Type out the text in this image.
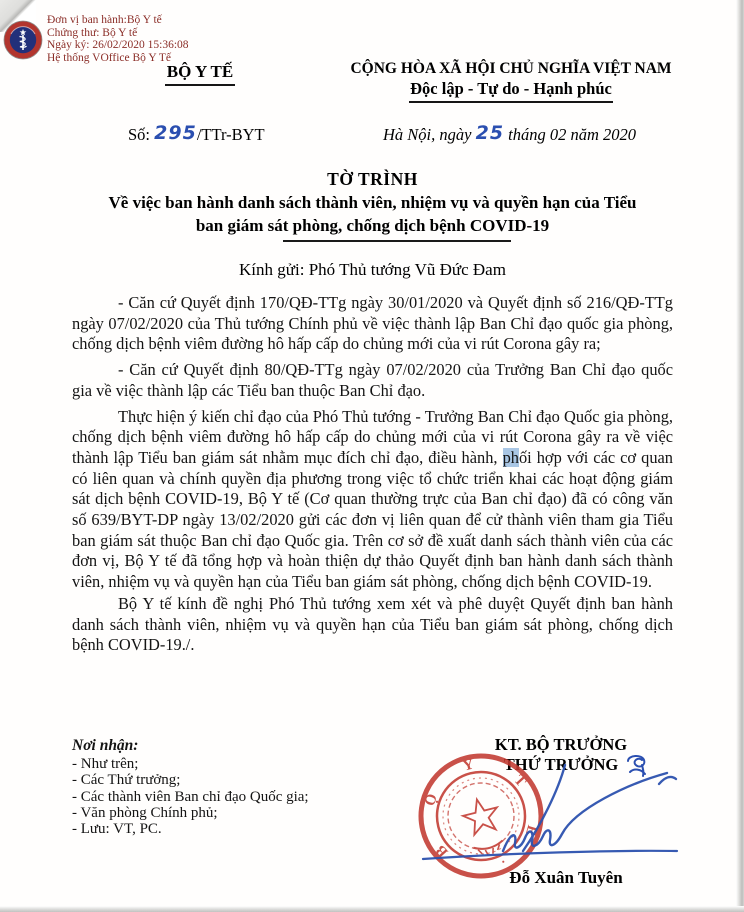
Đơn vị ban hành:Bộ Y tế
Chứng thư: Bộ Y tế
Ngày ký: 26/02/2020 15:36:08
Hệ thống VOffice Bộ Y Tế
BỘ Y TẾ	CỘNG HÒA XÃ HỘI CHỦ NGHĨA VIỆT NAM
Độc lập - Tự do - Hạnh phúc
Số: 295/TTr-BYT	Hà Nội, ngày 25 tháng 02 năm 2020
TỜ TRÌNH
Về việc ban hành danh sách thành viên, nhiệm vụ và quyền hạn của Tiểu
ban giám sát phòng, chống dịch bệnh COVID-19
Kính gửi: Phó Thủ tướng Vũ Đức Đam

- Căn cứ Quyết định 170/QĐ-TTg ngày 30/01/2020 và Quyết định số 216/QĐ-TTg ngày 07/02/2020 của Thủ tướng Chính phủ về việc thành lập Ban Chỉ đạo quốc gia phòng, chống dịch bệnh viêm đường hô hấp cấp do chủng mới của vi rút Corona gây ra;

- Căn cứ Quyết định 80/QĐ-TTg ngày 07/02/2020 của Trưởng Ban Chỉ đạo quốc gia về việc thành lập các Tiểu ban thuộc Ban Chỉ đạo.

Thực hiện ý kiến chỉ đạo của Phó Thủ tướng - Trưởng Ban Chỉ đạo Quốc gia phòng, chống dịch bệnh viêm đường hô hấp cấp do chủng mới của vi rút Corona gây ra về việc thành lập Tiểu ban giám sát nhằm mục đích chỉ đạo, điều hành, phối hợp với các cơ quan có liên quan và chính quyền địa phương trong việc tổ chức triển khai các hoạt động giám sát dịch bệnh COVID-19, Bộ Y tế (Cơ quan thường trực của Ban chỉ đạo) đã có công văn số 639/BYT-DP ngày 13/02/2020 gửi các đơn vị liên quan để cử thành viên tham gia Tiểu ban giám sát thuộc Ban chỉ đạo Quốc gia. Trên cơ sở đề xuất danh sách thành viên của các đơn vị, Bộ Y tế đã tổng hợp và hoàn thiện dự thảo Quyết định ban hành danh sách thành viên, nhiệm vụ và quyền hạn của Tiểu ban giám sát phòng, chống dịch bệnh COVID-19.

Bộ Y tế kính đề nghị Phó Thủ tướng xem xét và phê duyệt Quyết định ban hành danh sách thành viên, nhiệm vụ và quyền hạn của Tiểu ban giám sát phòng, chống dịch bệnh COVID-19./.

Nơi nhận:
- Như trên;
- Các Thứ trưởng;
- Các thành viên Ban chỉ đạo Quốc gia;
- Văn phòng Chính phủ;
- Lưu: VT, PC.
KT. BỘ TRƯỞNG
THỨ TRƯỞNG
B
Ộ
Y
T
Ế
.
Đỗ Xuân Tuyên
